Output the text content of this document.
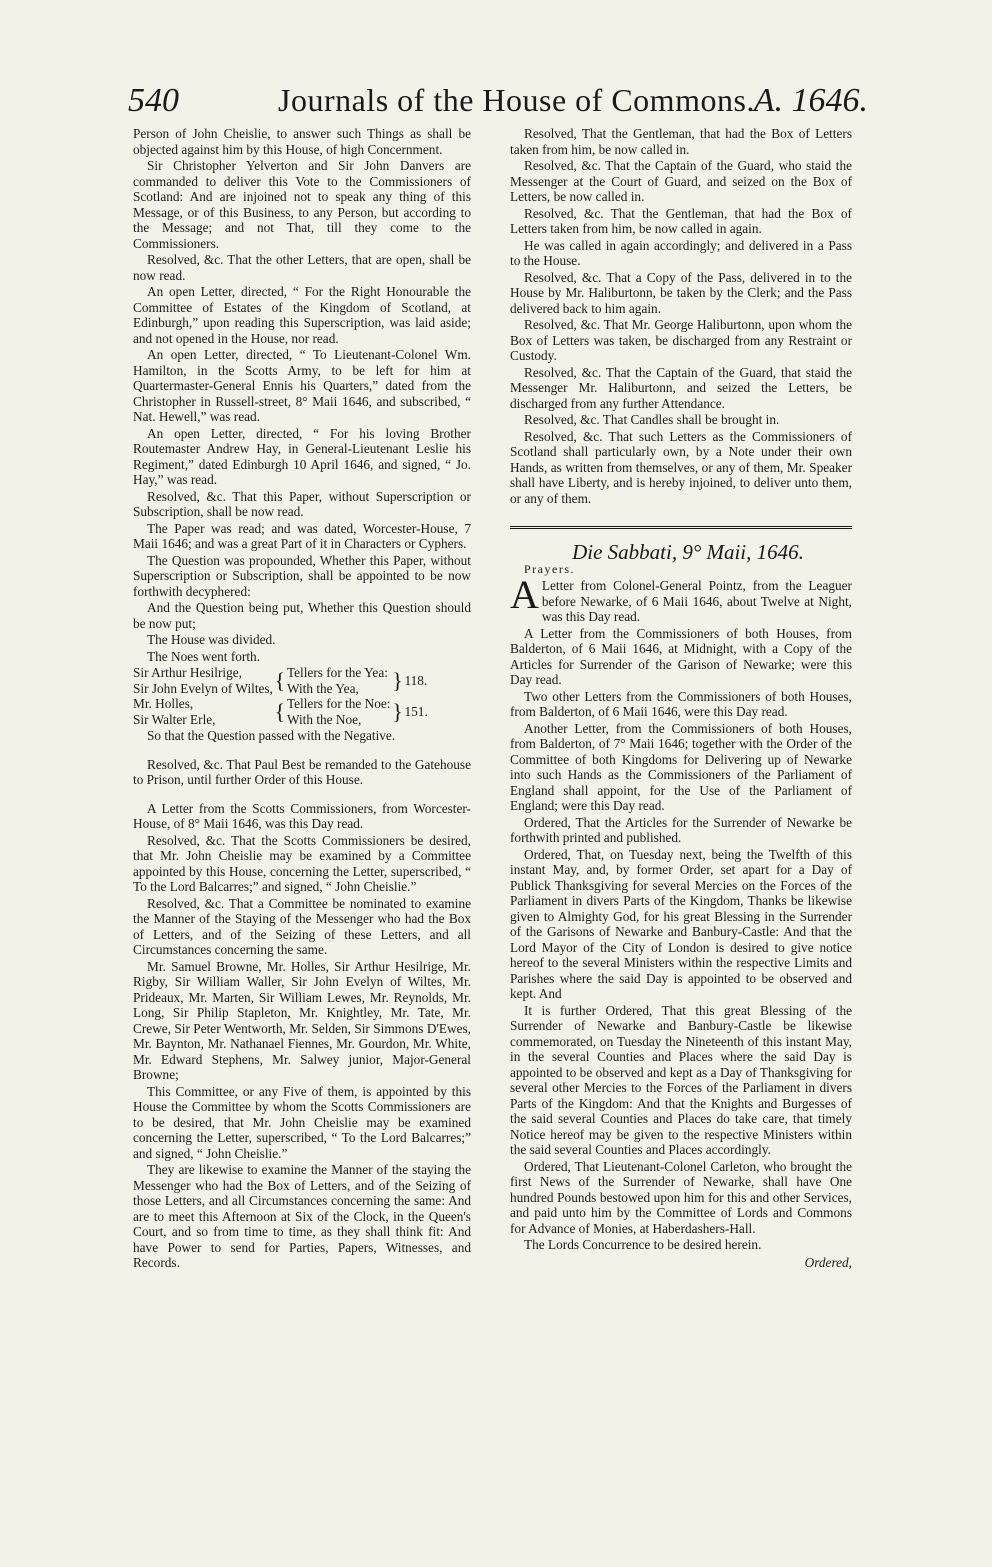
540	Journals of the House of Commons.
A. 1646.

Person of John Cheislie, to answer such Things as shall be objected against him by this House, of high Concernment.

Sir Christopher Yelverton and Sir John Danvers are commanded to deliver this Vote to the Commissioners of Scotland: And are injoined not to speak any thing of this Message, or of this Business, to any Person, but according to the Message; and not That, till they come to the Commissioners.

Resolved, &c. That the other Letters, that are open, shall be now read.

An open Letter, directed, “ For the Right Honourable the Committee of Estates of the Kingdom of Scotland, at Edinburgh,” upon reading this Superscription, was laid aside; and not opened in the House, nor read.

An open Letter, directed, “ To Lieutenant-Colonel Wm. Hamilton, in the Scotts Army, to be left for him at Quartermaster-General Ennis his Quarters,” dated from the Christopher in Russell-street, 8° Maii 1646, and subscribed, “ Nat. Hewell,” was read.

An open Letter, directed, “ For his loving Brother Routemaster Andrew Hay, in General-Lieutenant Leslie his Regiment,” dated Edinburgh 10 April 1646, and signed, “ Jo. Hay,” was read.

Resolved, &c. That this Paper, without Superscription or Subscription, shall be now read.

The Paper was read; and was dated, Worcester-House, 7 Maii 1646; and was a great Part of it in Characters or Cyphers.

The Question was propounded, Whether this Paper, without Superscription or Subscription, shall be appointed to be now forthwith decyphered:

And the Question being put, Whether this Question should be now put;

The House was divided.

The Noes went forth.

Sir Arthur Hesilrige,	{	Tellers for the Yea:	}	118.
Sir John Evelyn of Wiltes,		With the Yea,		
Mr. Holles,	{	Tellers for the Noe:	}	151.
Sir Walter Erle,		With the Noe,		

So that the Question passed with the Negative.

Resolved, &c. That Paul Best be remanded to the Gatehouse to Prison, until further Order of this House.

A Letter from the Scotts Commissioners, from Worcester-House, of 8° Maii 1646, was this Day read.

Resolved, &c. That the Scotts Commissioners be desired, that Mr. John Cheislie may be examined by a Committee appointed by this House, concerning the Letter, superscribed, “ To the Lord Balcarres;” and signed, “ John Cheislie.”

Resolved, &c. That a Committee be nominated to examine the Manner of the Staying of the Messenger who had the Box of Letters, and of the Seizing of these Letters, and all Circumstances concerning the same.

Mr. Samuel Browne, Mr. Holles, Sir Arthur Hesilrige, Mr. Rigby, Sir William Waller, Sir John Evelyn of Wiltes, Mr. Prideaux, Mr. Marten, Sir William Lewes, Mr. Reynolds, Mr. Long, Sir Philip Stapleton, Mr. Knightley, Mr. Tate, Mr. Crewe, Sir Peter Wentworth, Mr. Selden, Sir Simmons D'Ewes, Mr. Baynton, Mr. Nathanael Fiennes, Mr. Gourdon, Mr. White, Mr. Edward Stephens, Mr. Salwey junior, Major-General Browne;

This Committee, or any Five of them, is appointed by this House the Committee by whom the Scotts Commissioners are to be desired, that Mr. John Cheislie may be examined concerning the Letter, superscribed, “ To the Lord Balcarres;” and signed, “ John Cheislie.”

They are likewise to examine the Manner of the staying the Messenger who had the Box of Letters, and of the Seizing of those Letters, and all Circumstances concerning the same: And are to meet this Afternoon at Six of the Clock, in the Queen's Court, and so from time to time, as they shall think fit: And have Power to send for Parties, Papers, Witnesses, and Records.

Resolved, That the Gentleman, that had the Box of Letters taken from him, be now called in.

Resolved, &c. That the Captain of the Guard, who staid the Messenger at the Court of Guard, and seized on the Box of Letters, be now called in.

Resolved, &c. That the Gentleman, that had the Box of Letters taken from him, be now called in again.

He was called in again accordingly; and delivered in a Pass to the House.

Resolved, &c. That a Copy of the Pass, delivered in to the House by Mr. Haliburtonn, be taken by the Clerk; and the Pass delivered back to him again.

Resolved, &c. That Mr. George Haliburtonn, upon whom the Box of Letters was taken, be discharged from any Restraint or Custody.

Resolved, &c. That the Captain of the Guard, that staid the Messenger Mr. Haliburtonn, and seized the Letters, be discharged from any further Attendance.

Resolved, &c. That Candles shall be brought in.

Resolved, &c. That such Letters as the Commissioners of Scotland shall particularly own, by a Note under their own Hands, as written from themselves, or any of them, Mr. Speaker shall have Liberty, and is hereby injoined, to deliver unto them, or any of them.

Die Sabbati, 9° Maii, 1646.

Prayers.

ALetter from Colonel-General Pointz, from the Leaguer before Newarke, of 6 Maii 1646, about Twelve at Night, was this Day read.

A Letter from the Commissioners of both Houses, from Balderton, of 6 Maii 1646, at Midnight, with a Copy of the Articles for Surrender of the Garison of Newarke; were this Day read.

Two other Letters from the Commissioners of both Houses, from Balderton, of 6 Maii 1646, were this Day read.

Another Letter, from the Commissioners of both Houses, from Balderton, of 7° Maii 1646; together with the Order of the Committee of both Kingdoms for Delivering up of Newarke into such Hands as the Commissioners of the Parliament of England shall appoint, for the Use of the Parliament of England; were this Day read.

Ordered, That the Articles for the Surrender of Newarke be forthwith printed and published.

Ordered, That, on Tuesday next, being the Twelfth of this instant May, and, by former Order, set apart for a Day of Publick Thanksgiving for several Mercies on the Forces of the Parliament in divers Parts of the Kingdom, Thanks be likewise given to Almighty God, for his great Blessing in the Surrender of the Garisons of Newarke and Banbury-Castle: And that the Lord Mayor of the City of London is desired to give notice hereof to the several Ministers within the respective Limits and Parishes where the said Day is appointed to be observed and kept. And

It is further Ordered, That this great Blessing of the Surrender of Newarke and Banbury-Castle be likewise commemorated, on Tuesday the Nineteenth of this instant May, in the several Counties and Places where the said Day is appointed to be observed and kept as a Day of Thanksgiving for several other Mercies to the Forces of the Parliament in divers Parts of the Kingdom: And that the Knights and Burgesses of the said several Counties and Places do take care, that timely Notice hereof may be given to the respective Ministers within the said several Counties and Places accordingly.

Ordered, That Lieutenant-Colonel Carleton, who brought the first News of the Surrender of Newarke, shall have One hundred Pounds bestowed upon him for this and other Services, and paid unto him by the Committee of Lords and Commons for Advance of Monies, at Haberdashers-Hall.

The Lords Concurrence to be desired herein.

Ordered,
